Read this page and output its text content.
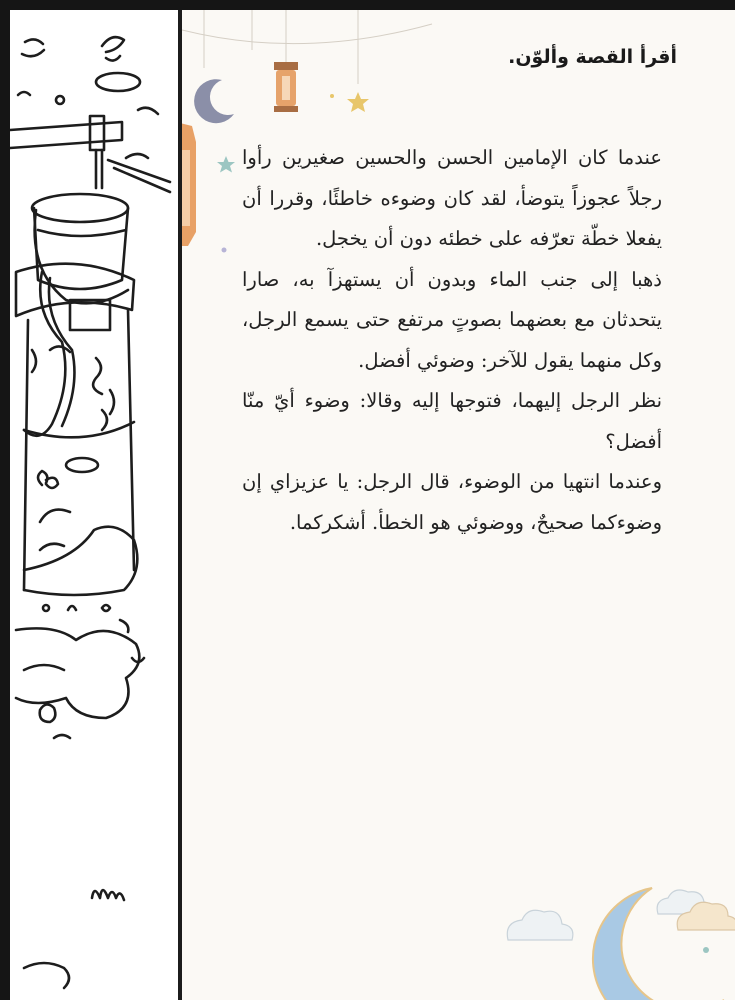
أقرأ القصة وألوّن.

عندما كان الإمامين الحسن والحسين صغيرين رأوا رجلاً عجوزاً يتوضأ، لقد كان وضوءه خاطئًا، وقررا أن يفعلا خطّة تعرّفه على خطئه دون أن يخجل.

ذهبا إلى جنب الماء وبدون أن يستهزآ به، صارا يتحدثان مع بعضهما بصوتٍ مرتفع حتى يسمع الرجل، وكل منهما يقول للآخر: وضوئي أفضل.

نظر الرجل إليهما، فتوجها إليه وقالا: وضوء أيّ منّا أفضل؟

وعندما انتهيا من الوضوء، قال الرجل: يا عزيزاي إن وضوءكما صحيحٌ، ووضوئي هو الخطأ. أشكركما.
